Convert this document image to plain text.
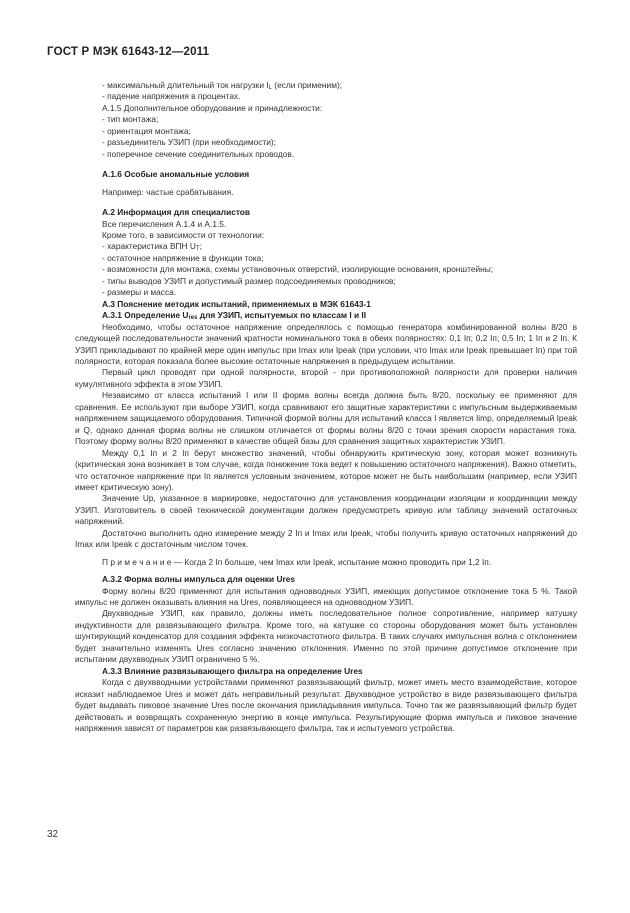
ГОСТ Р МЭК 61643-12—2011

- максимальный длительный ток нагрузки $I_L$ (если применим);

- падение напряжения в процентах.

А.1.5 Дополнительное оборудование и принадлежности:

- тип монтажа;

- ориентация монтажа;

- разъединитель УЗИП (при необходимости);

- поперечное сечение соединительных проводов.

А.1.6 Особые аномальные условия

Например: частые срабатывания.

А.2 Информация для специалистов

Все перечисления А.1.4 и А.1.5.

Кроме того, в зависимости от технологии:

- характеристика ВПН $U_T$;

- остаточное напряжение в функции тока;

- возможности для монтажа, схемы установочных отверстий, изолирующие основания, кронштейны;

- типы выводов УЗИП и допустимый размер подсоединяемых проводников;

- размеры и масса.

А.3 Пояснение методик испытаний, применяемых в МЭК 61643-1

А.3.1 Определение $U_{res}$ для УЗИП, испытуемых по классам I и II

Необходимо, чтобы остаточное напряжение определялось с помощью генератора комбинированной волны 8/20 в следующей последовательности значений кратности номинального тока в обеих полярностях: 0,1 Iп; 0,2 Iп; 0,5 Iп; 1 Iп и 2 Iп. К УЗИП прикладывают по крайней мере один импульс при Imax или Ipeak (при условии, что Imax или Ipeak превышает Iп) при той полярности, которая показала более высокие остаточные напряжения в предыдущем испытании.

Первый цикл проводят при одной полярности, второй - при противоположной полярности для проверки наличия кумулятивного эффекта в этом УЗИП.

Независимо от класса испытаний I или II форма волны всегда должна быть 8/20, поскольку ее применяют для сравнения. Ее используют при выборе УЗИП, когда сравнивают его защитные характеристики с импульсным выдерживаемым напряжением защищаемого оборудования. Типичной формой волны для испытаний класса I является Iimp, определяемый Ipeak и Q, однако данная форма волны не слишком отличается от формы волны 8/20 с точки зрения скорости нарастания тока. Поэтому форму волны 8/20 применяют в качестве общей базы для сравнения защитных характеристик УЗИП.

Между 0,1 Iп и 2 Iп берут множество значений, чтобы обнаружить критическую зону, которая может возникнуть (критическая зона возникает в том случае, когда понижение тока ведет к повышению остаточного напряжения). Важно отметить, что остаточное напряжение при Iп является условным значением, которое может не быть наибольшим (например, если УЗИП имеет критическую зону).

Значение Up, указанное в маркировке, недостаточно для установления координации изоляции и координации между УЗИП. Изготовитель в своей технической документации должен предусмотреть кривую или таблицу значений остаточных напряжений.

Достаточно выполнить одно измерение между 2 Iп и Imax или Ipeak, чтобы получить кривую остаточных напряжений до Imax или Ipeak с достаточным числом точек.

П р и м е ч а н и е — Когда 2 Iп больше, чем Imax или Ipeak, испытание можно проводить при 1,2 Iп.

А.3.2 Форма волны импульса для оценки Ures

Форму волны 8/20 применяют для испытания одновводных УЗИП, имеющих допустимое отклонение тока 5 %. Такой импульс не должен оказывать влияния на Ures, появляющееся на одновводном УЗИП.

Двухвводные УЗИП, как правило, должны иметь последовательное полное сопротивление, например катушку индуктивности для развязывающего фильтра. Кроме того, на катушке со стороны оборудования может быть установлен шунтирующий конденсатор для создания эффекта низкочастотного фильтра. В таких случаях импульсная волна с отклонением будет значительно изменять Ures согласно значению отклонения. Именно по этой причине допустимое отклонение при испытании двухвводных УЗИП ограничено 5 %.

А.3.3 Влияние развязывающего фильтра на определение Ures

Когда с двухвводными устройствами применяют развязывающий фильтр, может иметь место взаимодействие, которое исказит наблюдаемое Ures и может дать неправильный результат. Двухвводное устройство в виде развязывающего фильтра будет выдавать пиковое значение Ures после окончания прикладывания импульса. Точно так же развязывающий фильтр будет действовать и возвращать сохраненную энергию в конце импульса. Результирующие форма импульса и пиковое значение напряжения зависят от параметров как развязывающего фильтра, так и испытуемого устройства.

32
